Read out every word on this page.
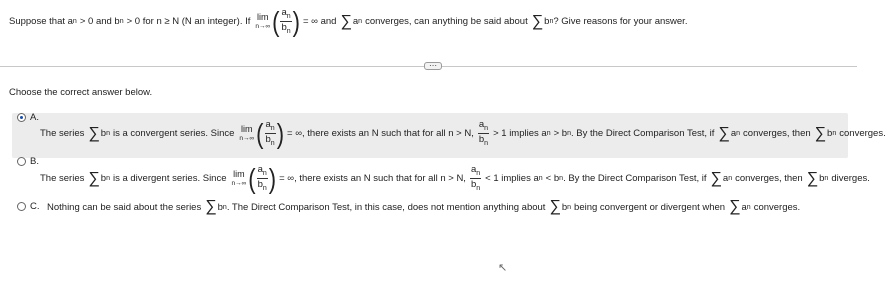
Suppose that a n > 0 and b n > 0 for n ≥ N (N an integer). If lim
n→∞ ( $\frac{a_n}{b_n}$ ) = ∞ and ∑ a n converges, can anything be said about ∑ b n ? Give reasons for your answer.
⋯
Choose the correct answer below.
A.
The series ∑ b n is a convergent series. Since lim
n→∞ ( $\frac{a_n}{b_n}$ ) = ∞, there exists an N such that for all n > N, $\frac{a_n}{b_n} > 1$ implies a n > b n . By the Direct Comparison Test, if ∑ a n converges, then ∑ b n converges.
B.
The series ∑ b n is a divergent series. Since lim
n→∞ ( $\frac{a_n}{b_n}$ ) = ∞, there exists an N such that for all n > N, $\frac{a_n}{b_n} < 1$ implies a n < b n . By the Direct Comparison Test, if ∑ a n converges, then ∑ b n diverges.
C. Nothing can be said about the series ∑ b n . The Direct Comparison Test, in this case, does not mention anything about ∑ b n being convergent or divergent when ∑ a n converges.
↖
